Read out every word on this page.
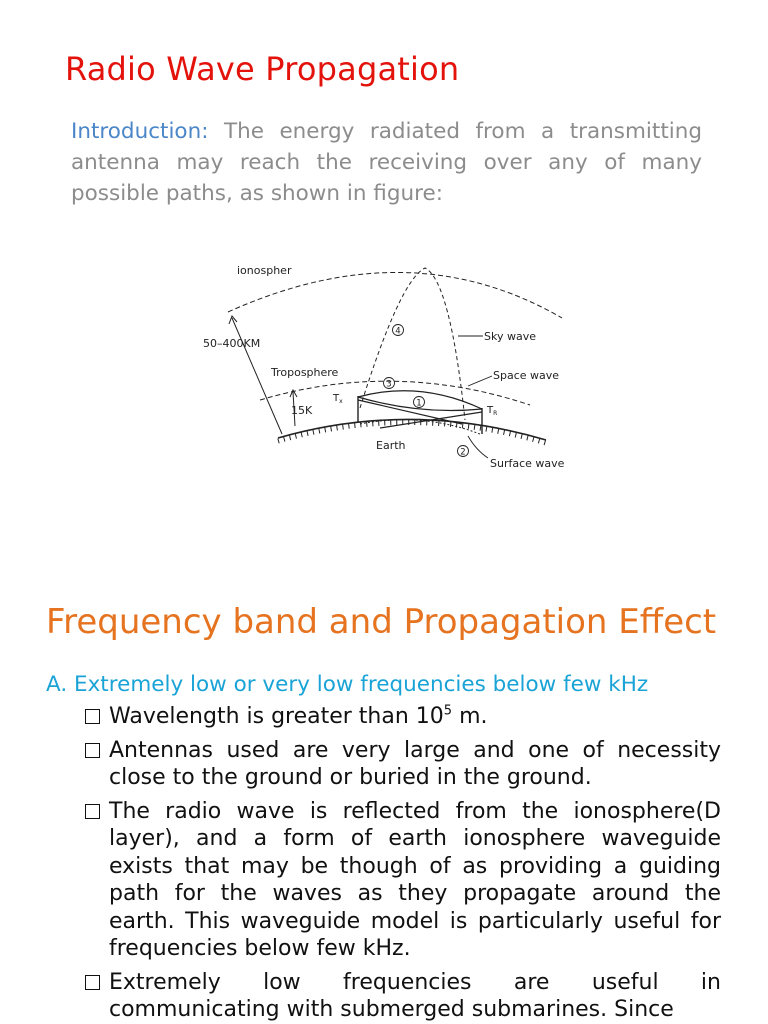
Radio Wave Propagation

Introduction: The energy radiated from a transmitting antenna may reach the receiving over any of many possible paths, as shown in figure:

4
3
1
2
ionospher
50–400KM
Troposphere
15K
Earth
$T_x$
$T_R$
Sky wave
Space wave
Surface wave
Frequency band and Propagation Effect

A. Extremely low or very low frequencies below few kHz

Wavelength is greater than $10^5$ m.
Antennas used are very large and one of necessity close to the ground or buried in the ground.
The radio wave is reflected from the ionosphere(D layer), and a form of earth ionosphere waveguide exists that may be though of as providing a guiding path for the waves as they propagate around the earth. This waveguide model is particularly useful for frequencies below few kHz.
Extremely low frequencies are useful in communicating with submerged submarines. Since
